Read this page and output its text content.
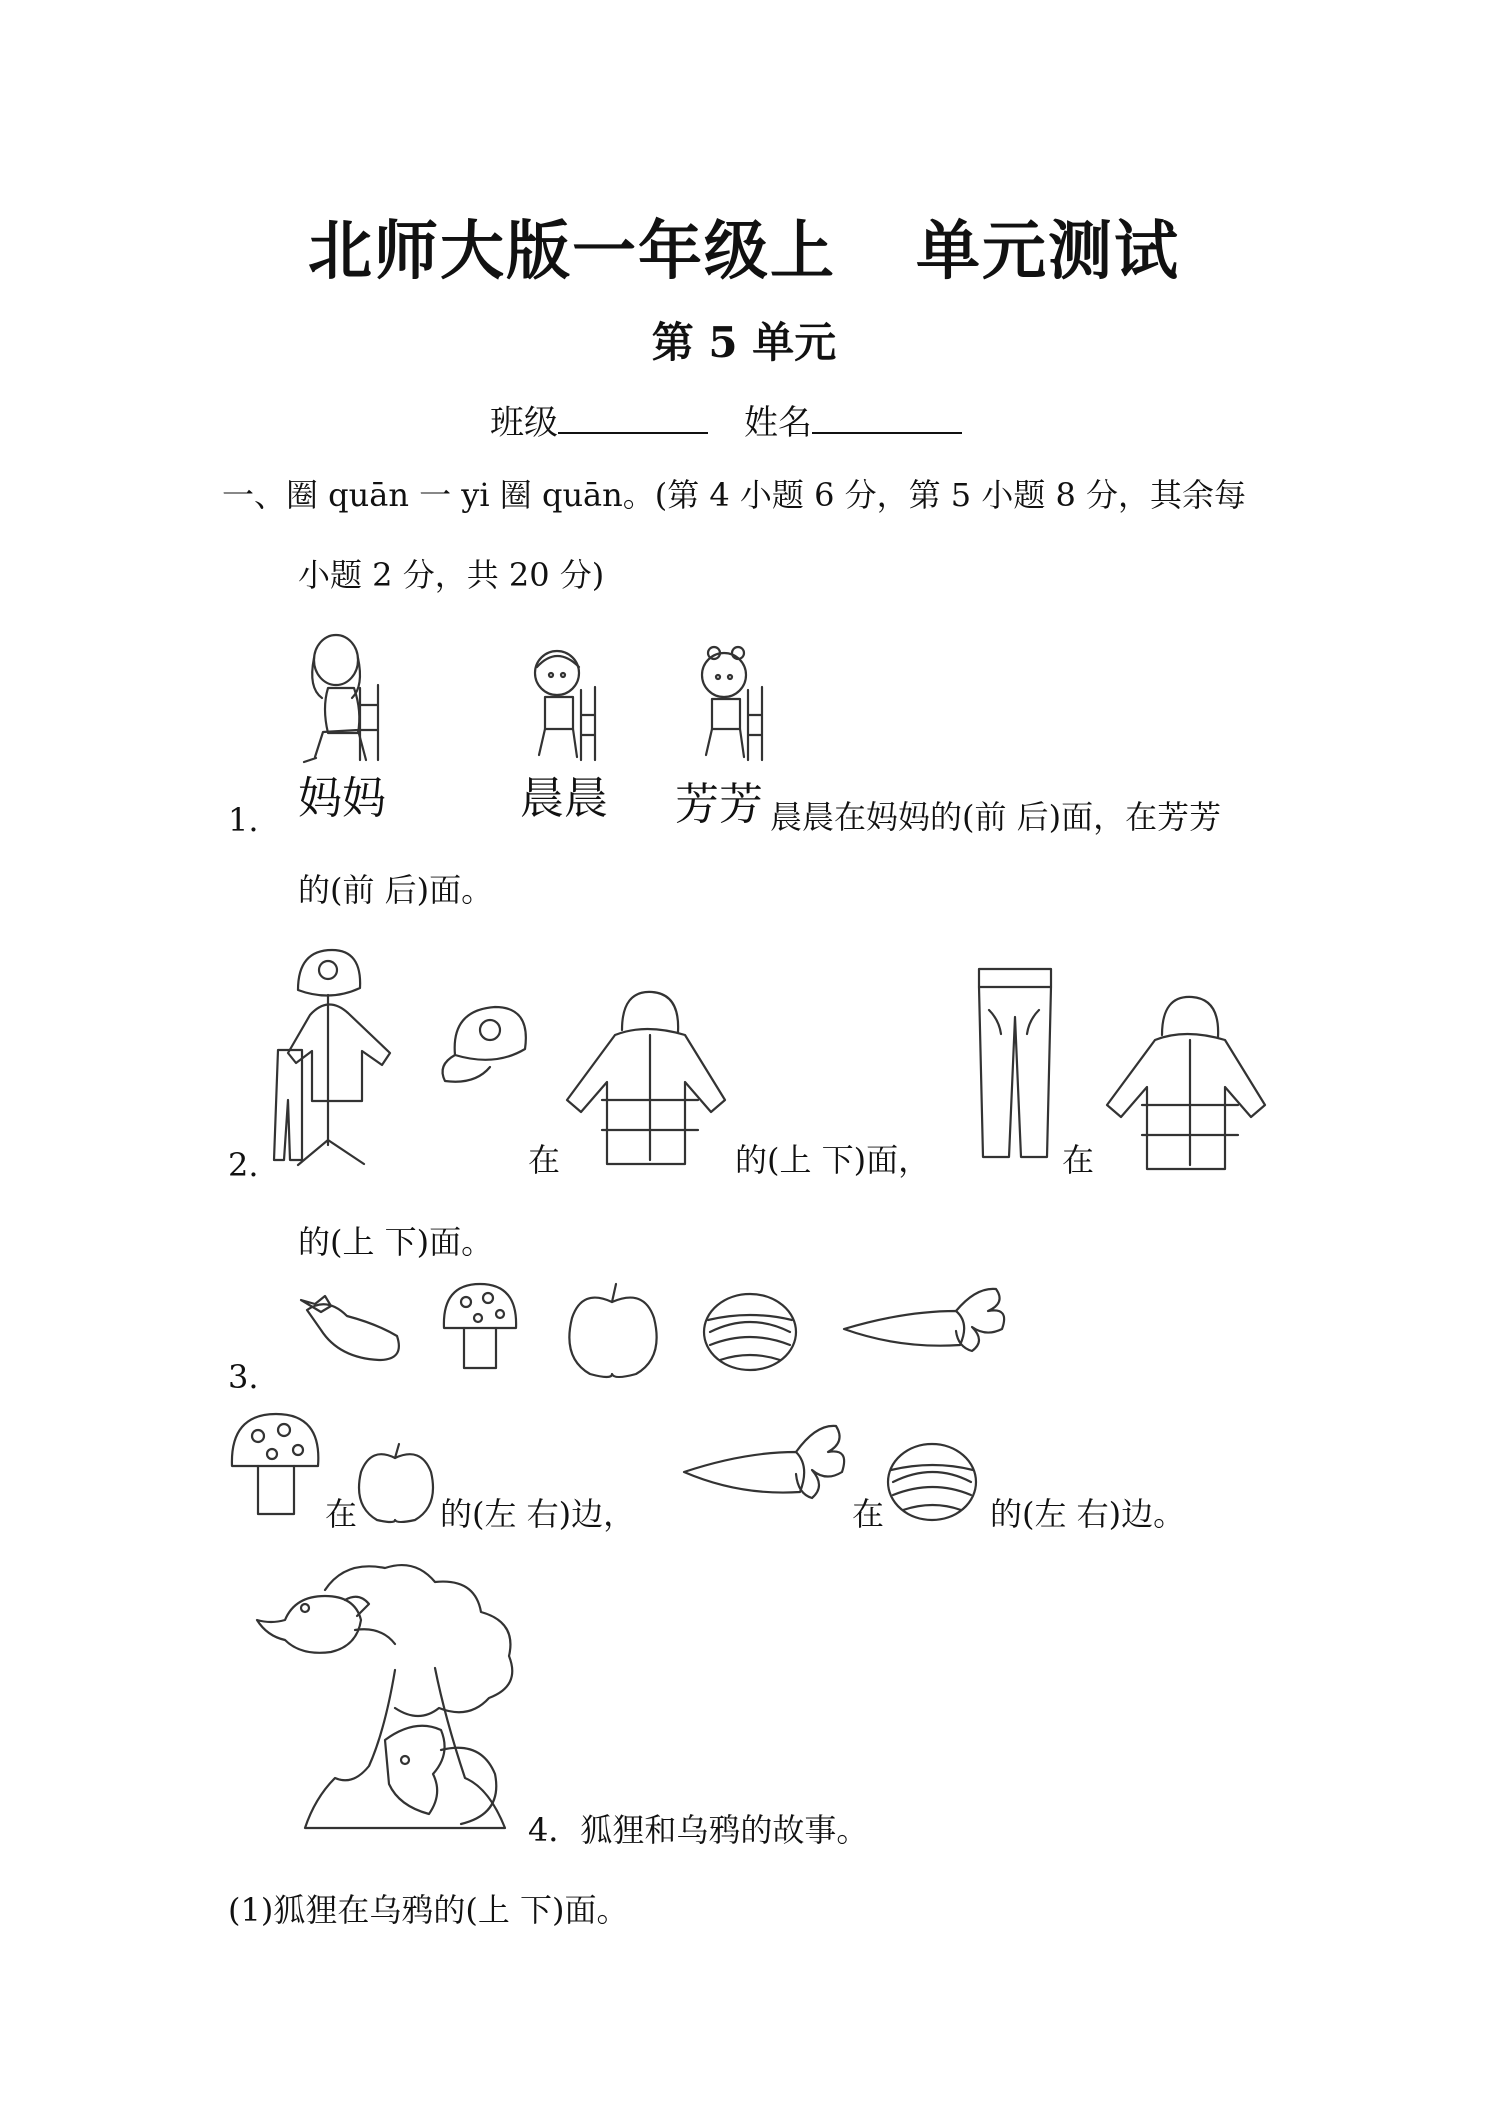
北师大版一年级上 单元测试
第 5 单元
班级	姓名
一、圈 quān 一 yi 圈 quān。(第 4 小题 6 分，第 5 小题 8 分，其余每
小题 2 分，共 20 分)
1. 妈妈	晨晨 芳芳 晨晨在妈妈的(前 后)面，在芳芳
的(前 后)面。
2.	在	的(上 下)面，	在
的(上 下)面。
3.
在	的(左 右)边，	在	的(左 右)边。
4．狐狸和乌鸦的故事。
(1)狐狸在乌鸦的(上 下)面。
